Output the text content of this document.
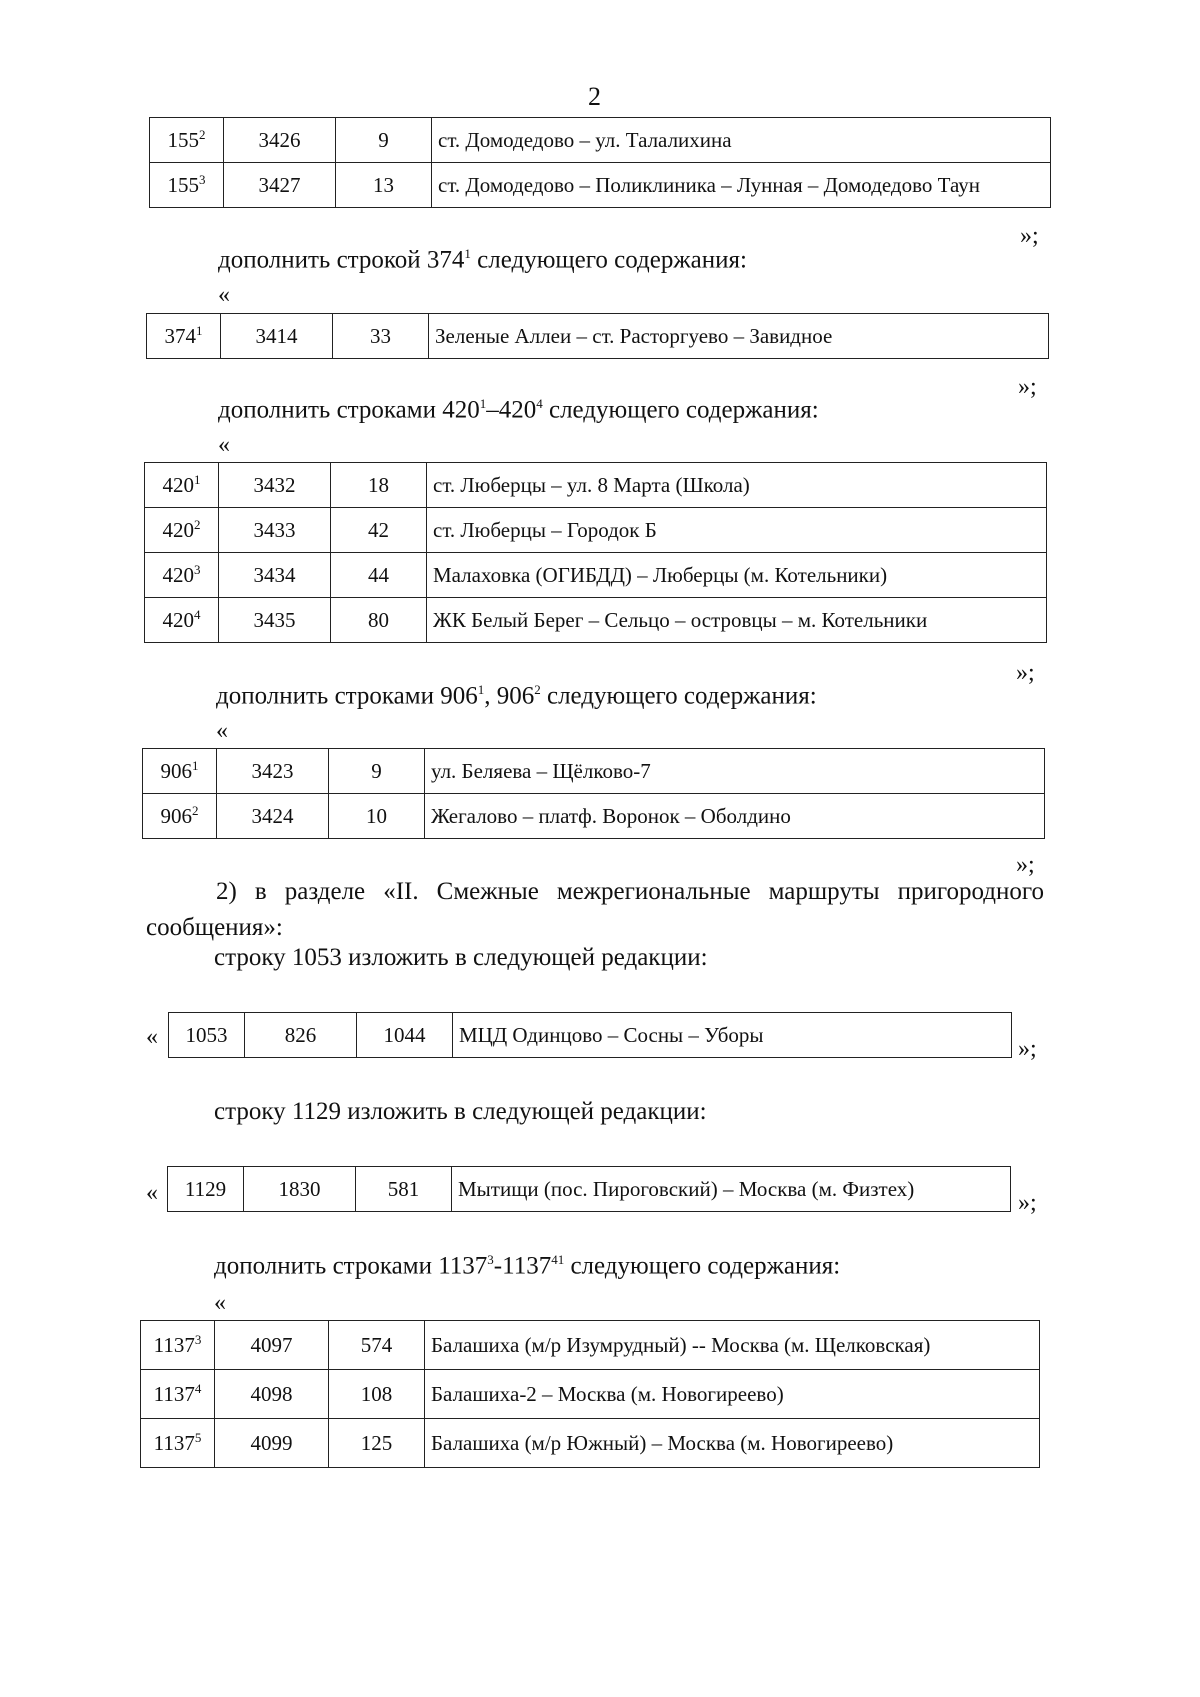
2
$155^2$	3426	9	ст. Домодедово – ул. Талалихина
$155^3$	3427	13	ст. Домодедово – Поликлиника – Лунная – Домодедово Таун
»;
дополнить строкой $374^1$ следующего содержания:
«
$374^1$	3414	33	Зеленые Аллеи – ст. Расторгуево – Завидное
»;
дополнить строками $420^1-420^4$ следующего содержания:
«
$420^1$	3432	18	ст. Люберцы – ул. 8 Марта (Школа)
$420^2$	3433	42	ст. Люберцы – Городок Б
$420^3$	3434	44	Малаховка (ОГИБДД) – Люберцы (м. Котельники)
$420^4$	3435	80	ЖК Белый Берег – Сельцо – островцы – м. Котельники
»;
дополнить строками $906^1$, $906^2$ следующего содержания:
«
$906^1$	3423	9	ул. Беляева – Щёлково-7
$906^2$	3424	10	Жегалово – платф. Воронок – Оболдино
»;
2) в разделе «II. Смежные межрегиональные маршруты пригородного сообщения»:
строку 1053 изложить в следующей редакции:
« 1053	826	1044	МЦД Одинцово – Сосны – Уборы
»;
строку 1129 изложить в следующей редакции:
« 1129	1830	581	Мытищи (пос. Пироговский) – Москва (м. Физтех)
»;
дополнить строками 1137$^3$-1137$^{41}$ следующего содержания:
«
1137$^3$	4097	574	Балашиха (м/р Изумрудный) -- Москва (м. Щелковская)
1137$^4$	4098	108	Балашиха-2 – Москва (м. Новогиреево)
1137$^5$	4099	125	Балашиха (м/р Южный) – Москва (м. Новогиреево)
